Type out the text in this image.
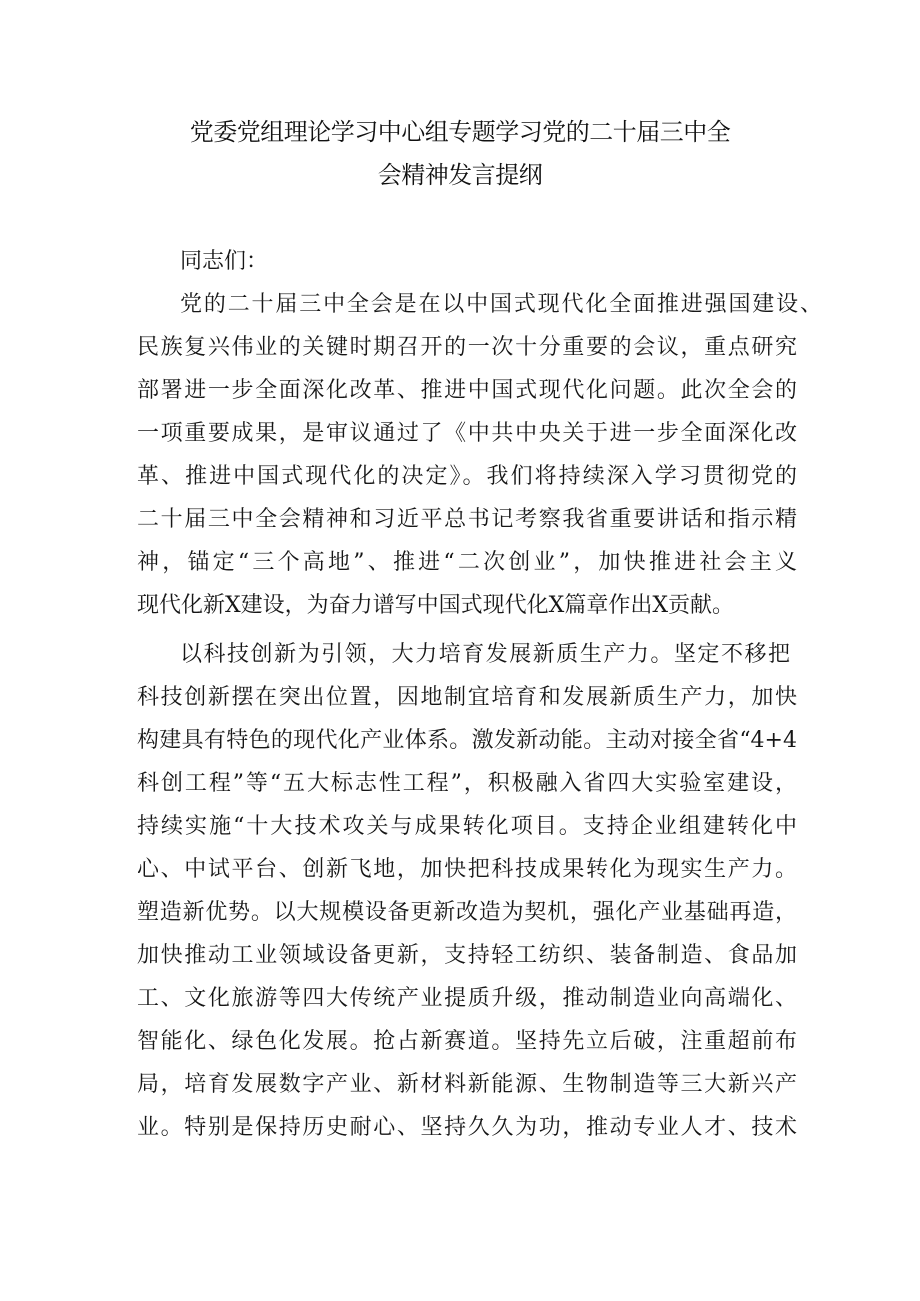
党委党组理论学习中心组专题学习党的二十届三中全
会精神发言提纲

同志们：

党的二十届三中全会是在以中国式现代化全面推进强国建设、

民族复兴伟业的关键时期召开的一次十分重要的会议，重点研究

部署进一步全面深化改革、推进中国式现代化问题。此次全会的

一项重要成果，是审议通过了《中共中央关于进一步全面深化改

革、推进中国式现代化的决定》。我们将持续深入学习贯彻党的

二十届三中全会精神和习近平总书记考察我省重要讲话和指示精

神，锚定“三个高地”、推进“二次创业”，加快推进社会主义

现代化新X建设，为奋力谱写中国式现代化X篇章作出X贡献。

以科技创新为引领，大力培育发展新质生产力。坚定不移把

科技创新摆在突出位置，因地制宜培育和发展新质生产力，加快

构建具有特色的现代化产业体系。激发新动能。主动对接全省“4+4

科创工程”等“五大标志性工程”，积极融入省四大实验室建设，

持续实施“十大技术攻关与成果转化项目。支持企业组建转化中

心、中试平台、创新飞地，加快把科技成果转化为现实生产力。

塑造新优势。以大规模设备更新改造为契机，强化产业基础再造，

加快推动工业领域设备更新，支持轻工纺织、装备制造、食品加

工、文化旅游等四大传统产业提质升级，推动制造业向高端化、

智能化、绿色化发展。抢占新赛道。坚持先立后破，注重超前布

局，培育发展数字产业、新材料新能源、生物制造等三大新兴产

业。特别是保持历史耐心、坚持久久为功，推动专业人才、技术
